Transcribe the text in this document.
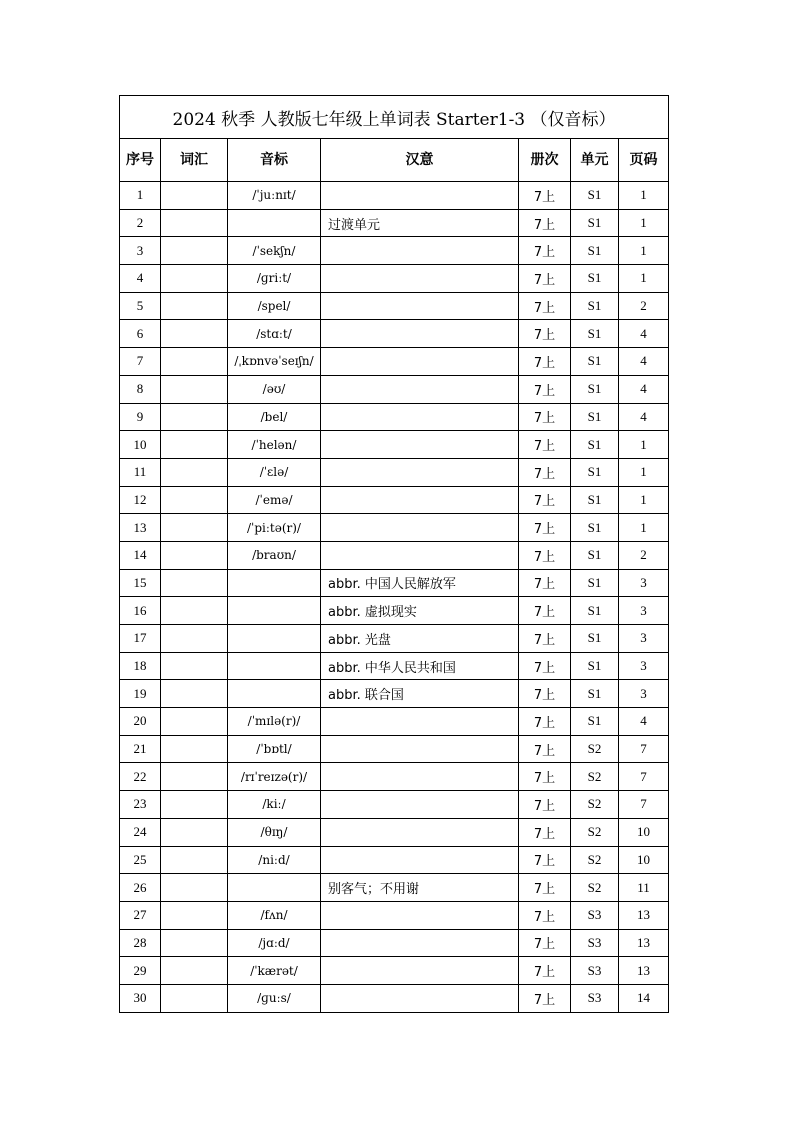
2024 秋季 人教版七年级上单词表 Starter1-3 （仅音标）						
序号	词汇	音标	汉意	册次	单元	页码
1		/ˈjuːnɪt/		7上	S1	1
2			过渡单元	7上	S1	1
3		/ˈsekʃn/		7上	S1	1
4		/ɡriːt/		7上	S1	1
5		/spel/		7上	S1	2
6		/stɑːt/		7上	S1	4
7		/ˌkɒnvəˈseɪʃn/		7上	S1	4
8		/əʊ/		7上	S1	4
9		/bel/		7上	S1	4
10		/ˈhelən/		7上	S1	1
11		/ˈɛlə/		7上	S1	1
12		/ˈemə/		7上	S1	1
13		/ˈpiːtə(r)/		7上	S1	1
14		/braʊn/		7上	S1	2
15			abbr. 中国人民解放军	7上	S1	3
16			abbr. 虚拟现实	7上	S1	3
17			abbr. 光盘	7上	S1	3
18			abbr. 中华人民共和国	7上	S1	3
19			abbr. 联合国	7上	S1	3
20		/ˈmɪlə(r)/		7上	S1	4
21		/ˈbɒtl/		7上	S2	7
22		/rɪˈreɪzə(r)/		7上	S2	7
23		/kiː/		7上	S2	7
24		/θɪŋ/		7上	S2	10
25		/niːd/		7上	S2	10
26			别客气；不用谢	7上	S2	11
27		/fʌn/		7上	S3	13
28		/jɑːd/		7上	S3	13
29		/ˈkærət/		7上	S3	13
30		/ɡuːs/		7上	S3	14
